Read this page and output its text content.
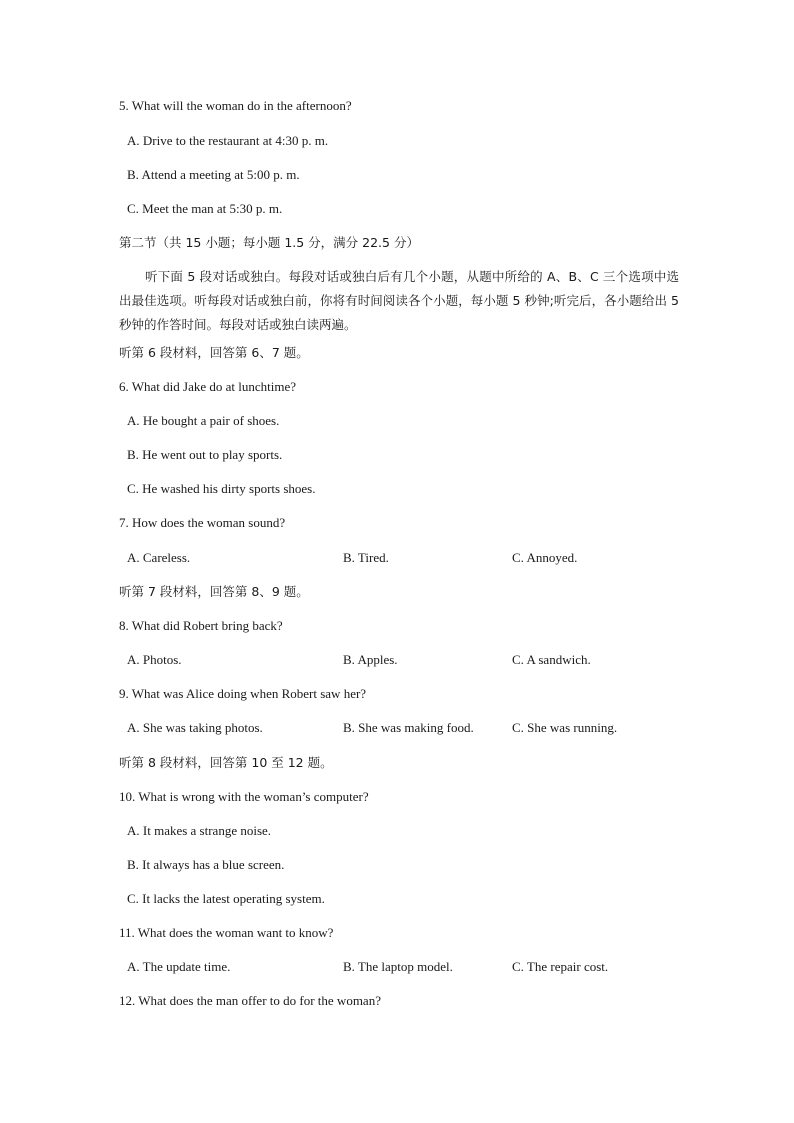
5. What will the woman do in the afternoon?
A. Drive to the restaurant at 4:30 p. m.
B. Attend a meeting at 5:00 p. m.
C. Meet the man at 5:30 p. m.
第二节（共 15 小题；每小题 1.5 分，满分 22.5 分）
听下面 5 段对话或独白。每段对话或独白后有几个小题，从题中所给的 A、B、C 三个选项中选出最佳选项。听每段对话或独白前，你将有时间阅读各个小题，每小题 5 秒钟;听完后，各小题给出 5 秒钟的作答时间。每段对话或独白读两遍。
听第 6 段材料，回答第 6、7 题。
6. What did Jake do at lunchtime?
A. He bought a pair of shoes.
B. He went out to play sports.
C. He washed his dirty sports shoes.
7. How does the woman sound?
A. Careless.	B. Tired.	C. Annoyed.
听第 7 段材料，回答第 8、9 题。
8. What did Robert bring back?
A. Photos.	B. Apples.	C. A sandwich.
9. What was Alice doing when Robert saw her?
A. She was taking photos.	B. She was making food.	C. She was running.
听第 8 段材料，回答第 10 至 12 题。
10. What is wrong with the woman’s computer?
A. It makes a strange noise.
B. It always has a blue screen.
C. It lacks the latest operating system.
11. What does the woman want to know?
A. The update time.	B. The laptop model.	C. The repair cost.
12. What does the man offer to do for the woman?
